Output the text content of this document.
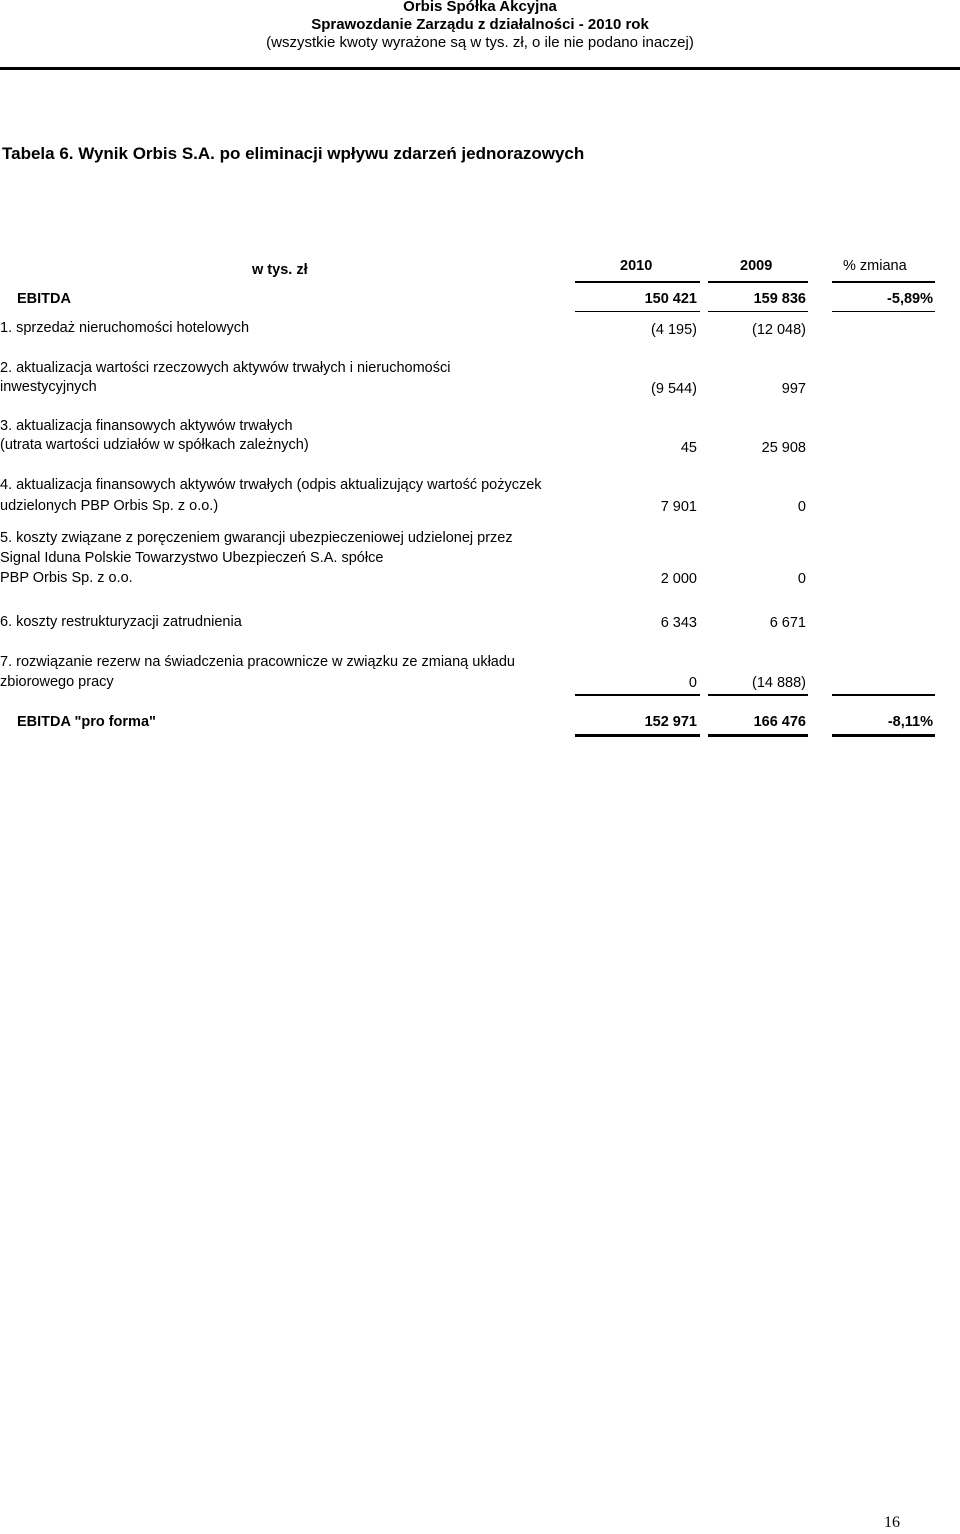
Orbis Spółka Akcyjna
Sprawozdanie Zarządu z działalności - 2010 rok
(wszystkie kwoty wyrażone są w tys. zł, o ile nie podano inaczej)
Tabela 6. Wynik Orbis S.A. po eliminacji wpływu zdarzeń jednorazowych
w tys. zł	2010	2009	% zmiana
EBITDA	150 421	159 836	-5,89%
1. sprzedaż nieruchomości hotelowych	(4 195)	(12 048)
2. aktualizacja wartości rzeczowych aktywów trwałych i nieruchomości
inwestycyjnych	(9 544)	997
3. aktualizacja finansowych aktywów trwałych
(utrata wartości udziałów w spółkach zależnych)	45	25 908
4. aktualizacja finansowych aktywów trwałych (odpis aktualizujący wartość pożyczek
udzielonych PBP Orbis Sp. z o.o.)	7 901	0
5. koszty związane z poręczeniem gwarancji ubezpieczeniowej udzielonej przez
Signal Iduna Polskie Towarzystwo Ubezpieczeń S.A. spółce
PBP Orbis Sp. z o.o.	2 000	0
6. koszty restrukturyzacji zatrudnienia	6 343	6 671
7. rozwiązanie rezerw na świadczenia pracownicze w związku ze zmianą układu
zbiorowego pracy	0	(14 888)
EBITDA "pro forma"	152 971	166 476	-8,11%
16
